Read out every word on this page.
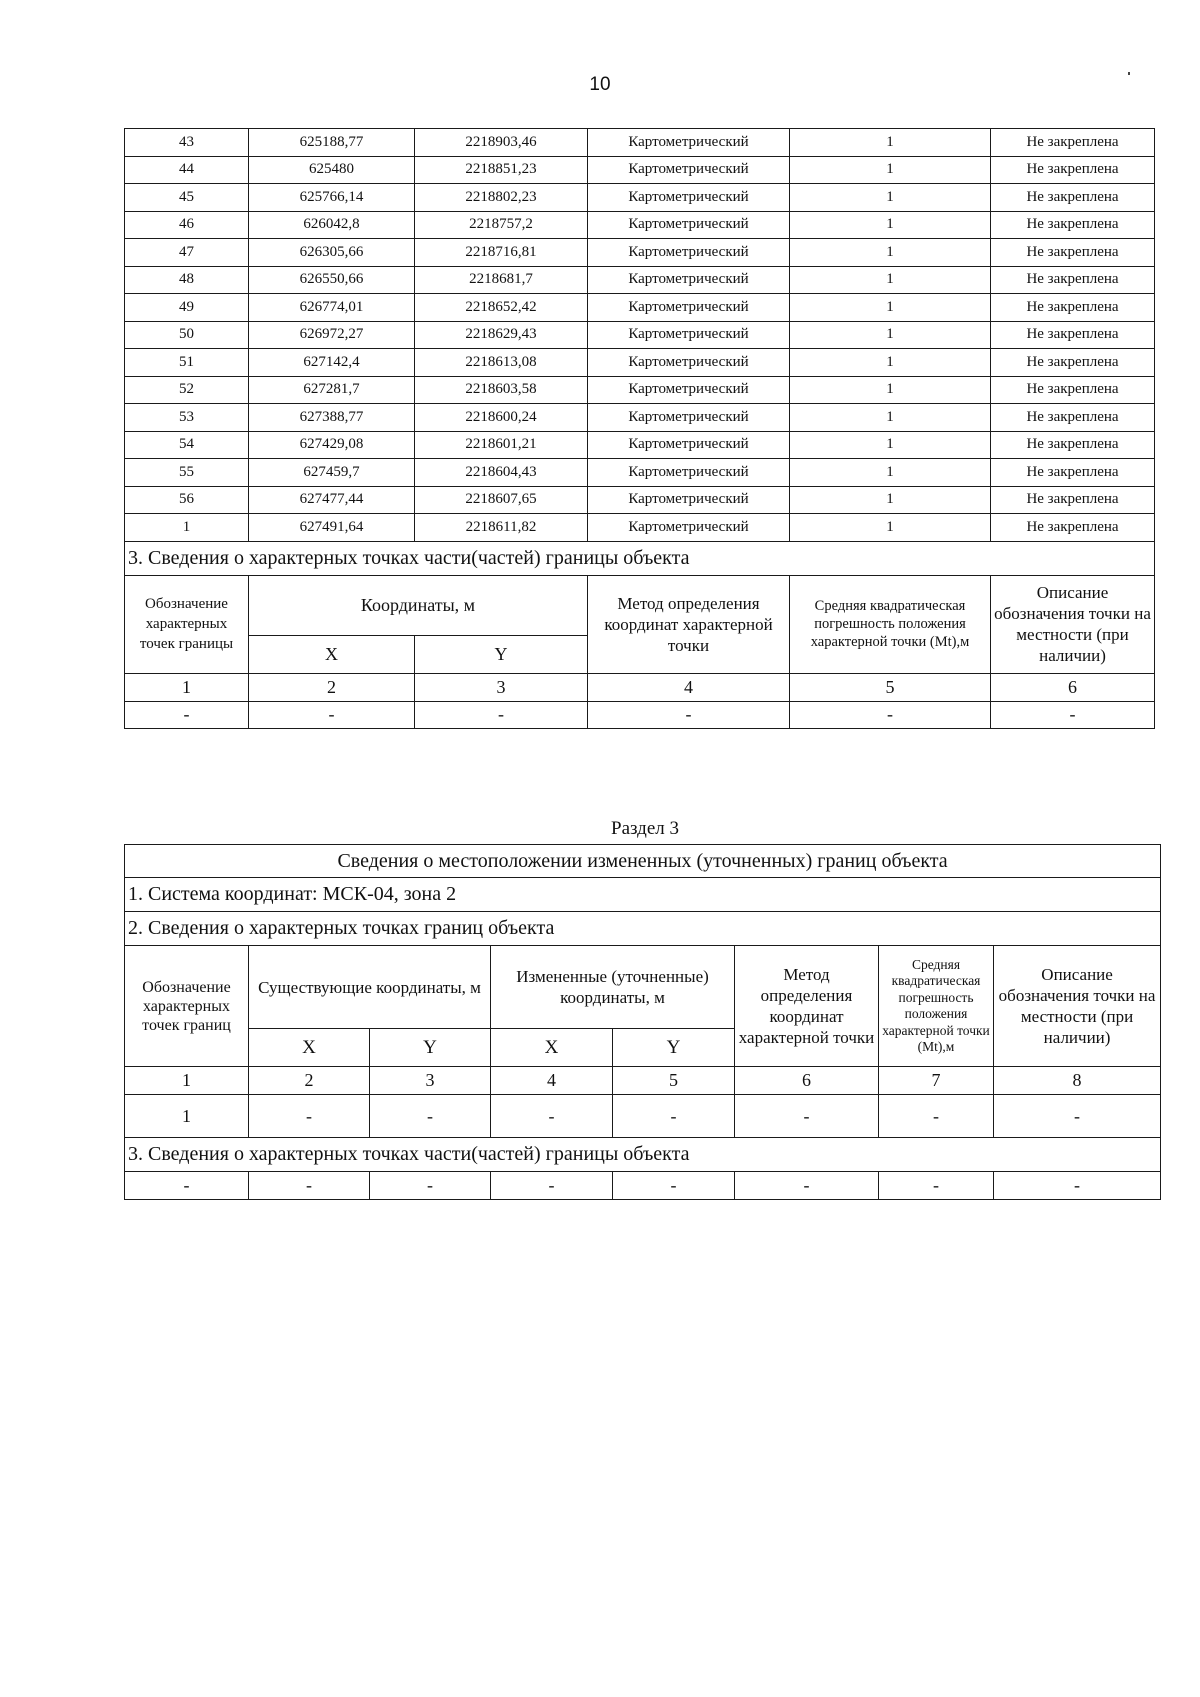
10
43	625188,77	2218903,46	Картометрический	1	Не закреплена
44	625480	2218851,23	Картометрический	1	Не закреплена
45	625766,14	2218802,23	Картометрический	1	Не закреплена
46	626042,8	2218757,2	Картометрический	1	Не закреплена
47	626305,66	2218716,81	Картометрический	1	Не закреплена
48	626550,66	2218681,7	Картометрический	1	Не закреплена
49	626774,01	2218652,42	Картометрический	1	Не закреплена
50	626972,27	2218629,43	Картометрический	1	Не закреплена
51	627142,4	2218613,08	Картометрический	1	Не закреплена
52	627281,7	2218603,58	Картометрический	1	Не закреплена
53	627388,77	2218600,24	Картометрический	1	Не закреплена
54	627429,08	2218601,21	Картометрический	1	Не закреплена
55	627459,7	2218604,43	Картометрический	1	Не закреплена
56	627477,44	2218607,65	Картометрический	1	Не закреплена
1	627491,64	2218611,82	Картометрический	1	Не закреплена
3. Сведения о характерных точках части(частей) границы объекта					
Обозначение характерных точек границы	Координаты, м		Метод определения координат характерной точки	Средняя квадратическая погрешность положения характерной точки (Mt),м	Описание обозначения точки на местности (при наличии)
	X	Y			
1	2	3	4	5	6
-	-	-	-	-	-
Раздел 3
Сведения о местоположении измененных (уточненных) границ объекта							
1. Система координат: МСК-04, зона 2							
2. Сведения о характерных точках границ объекта							
Обозначение характерных точек границ	Существующие координаты, м		Измененные (уточненные) координаты, м		Метод определения координат характерной точки	Средняя квадратическая погрешность положения характерной точки (Mt),м	Описание обозначения точки на местности (при наличии)
	X	Y	X	Y			
1	2	3	4	5	6	7	8
1	-	-	-	-	-	-	-
3. Сведения о характерных точках части(частей) границы объекта							
-	-	-	-	-	-	-	-
